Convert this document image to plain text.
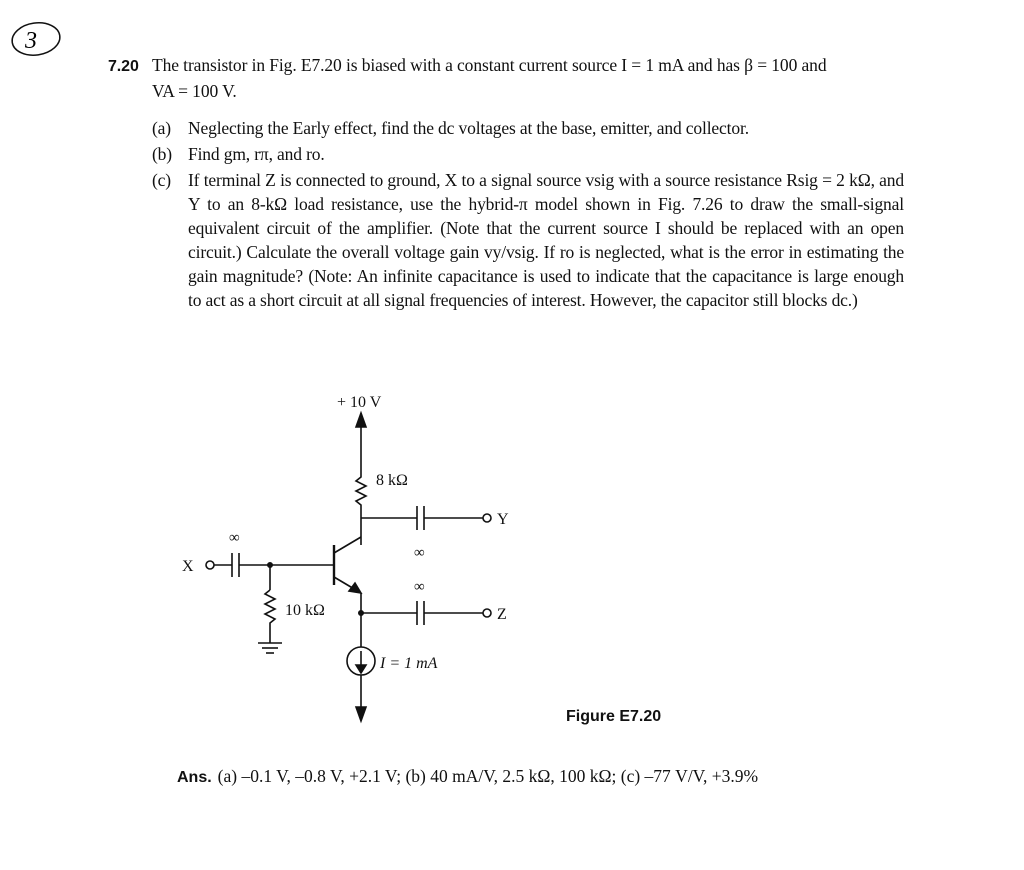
3
7.20 The transistor in Fig. E7.20 is biased with a constant current source I = 1 mA and has β = 100 and
VA = 100 V.
(a) Neglecting the Early effect, find the dc voltages at the base, emitter, and collector.
(b) Find gm, rπ, and ro.
(c) If terminal Z is connected to ground, X to a signal source vsig with a source resistance Rsig = 2 kΩ, and Y to an 8-kΩ load resistance, use the hybrid-π model shown in Fig. 7.26 to draw the small-signal equivalent circuit of the amplifier. (Note that the current source I should be replaced with an open circuit.) Calculate the overall voltage gain vy/vsig. If ro is neglected, what is the error in estimating the gain magnitude? (Note: An infinite capacitance is used to indicate that the capacitance is large enough to act as a short circuit at all signal frequencies of interest. However, the capacitor still blocks dc.)
+ 10 V
8 kΩ
10 kΩ
I = 1 mA
∞
∞
∞
X
Y
Z
Figure E7.20
Ans. (a) –0.1 V, –0.8 V, +2.1 V; (b) 40 mA/V, 2.5 kΩ, 100 kΩ; (c) –77 V/V, +3.9%
